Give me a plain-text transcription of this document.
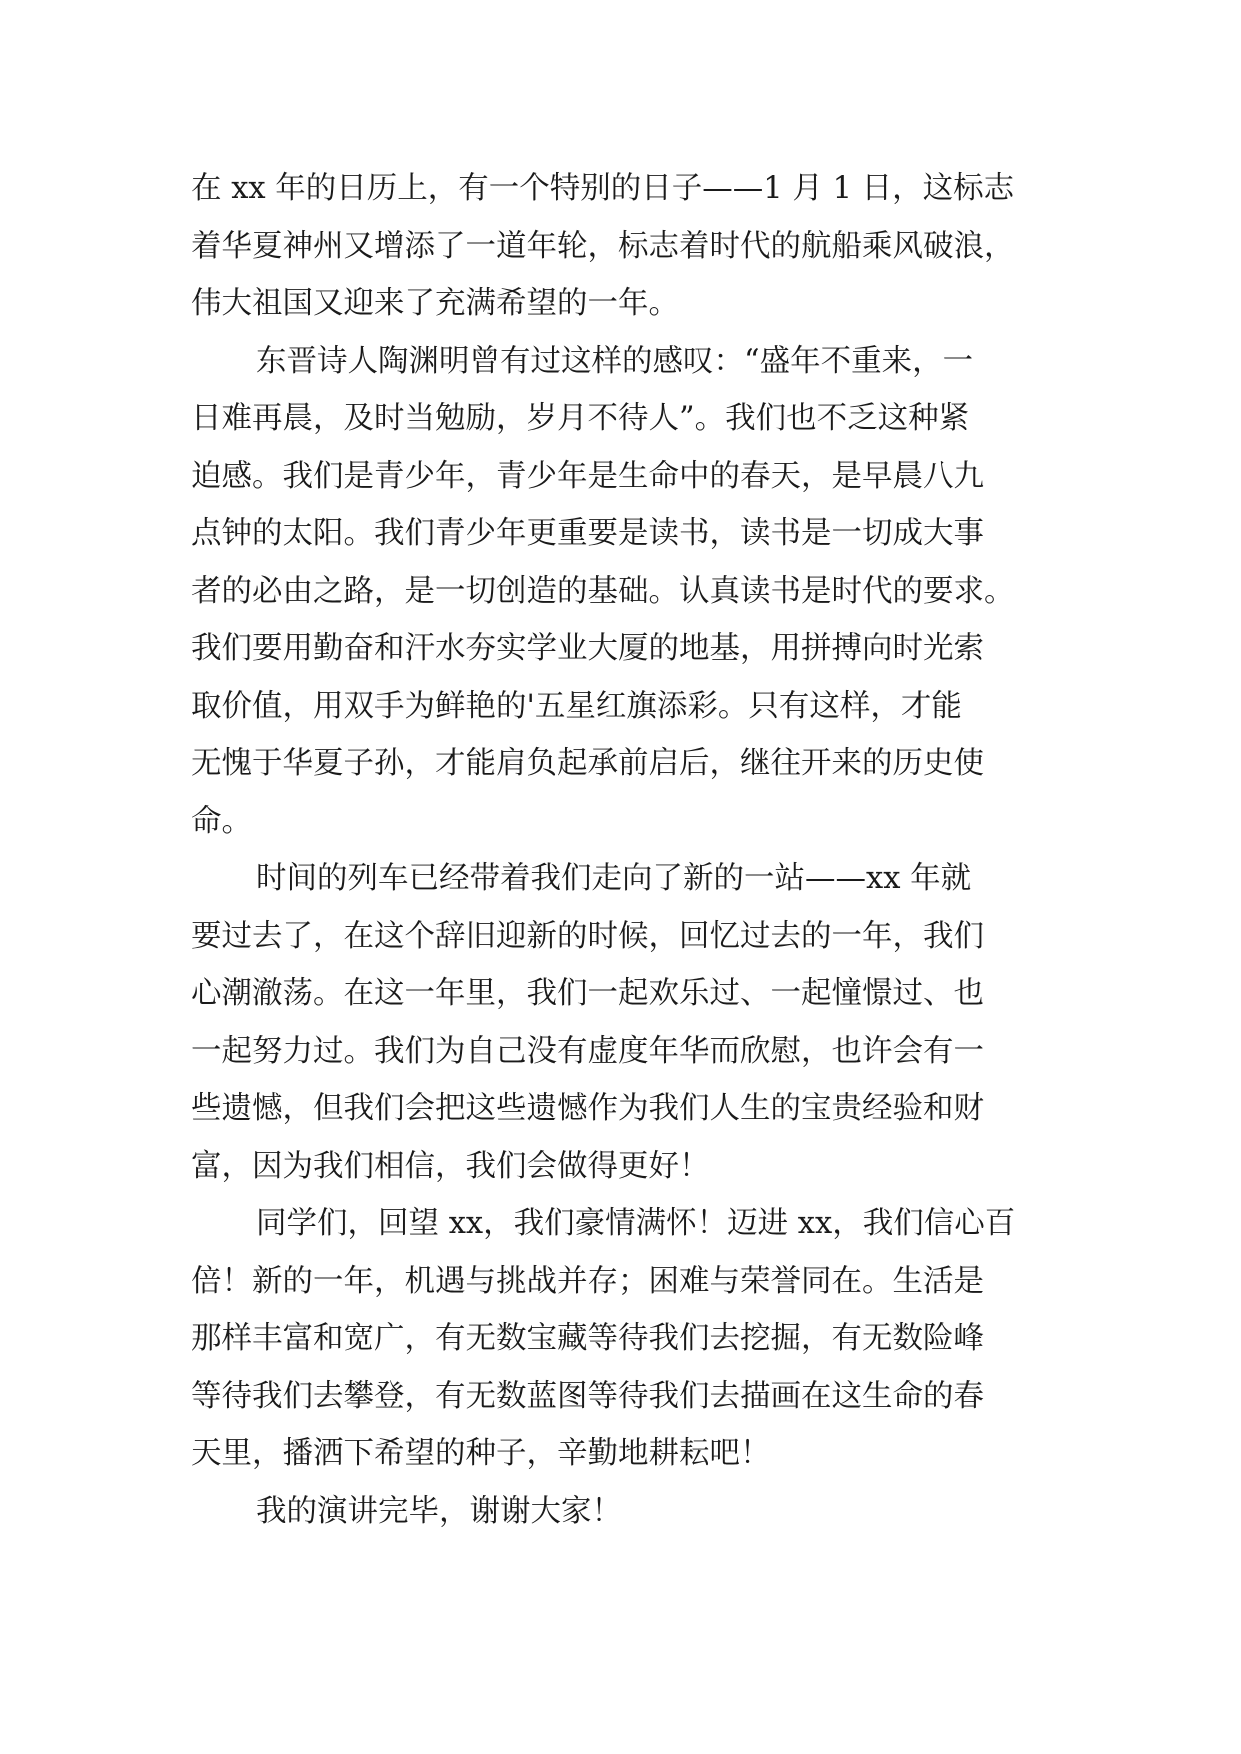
在 xx 年的日历上，有一个特别的日子——1 月 1 日，这标志
着华夏神州又增添了一道年轮，标志着时代的航船乘风破浪，
伟大祖国又迎来了充满希望的一年。
东晋诗人陶渊明曾有过这样的感叹：“盛年不重来，一
日难再晨，及时当勉励，岁月不待人”。我们也不乏这种紧
迫感。我们是青少年，青少年是生命中的春天，是早晨八九
点钟的太阳。我们青少年更重要是读书，读书是一切成大事
者的必由之路，是一切创造的基础。认真读书是时代的要求。
我们要用勤奋和汗水夯实学业大厦的地基，用拼搏向时光索
取价值，用双手为鲜艳的'五星红旗添彩。只有这样，才能
无愧于华夏子孙，才能肩负起承前启后，继往开来的历史使
命。
时间的列车已经带着我们走向了新的一站——xx 年就
要过去了，在这个辞旧迎新的时候，回忆过去的一年，我们
心潮澈荡。在这一年里，我们一起欢乐过、一起憧憬过、也
一起努力过。我们为自己没有虚度年华而欣慰，也许会有一
些遗憾，但我们会把这些遗憾作为我们人生的宝贵经验和财
富，因为我们相信，我们会做得更好！
同学们，回望 xx，我们豪情满怀！迈进 xx，我们信心百
倍！新的一年，机遇与挑战并存；困难与荣誉同在。生活是
那样丰富和宽广，有无数宝藏等待我们去挖掘，有无数险峰
等待我们去攀登，有无数蓝图等待我们去描画在这生命的春
天里，播洒下希望的种子，辛勤地耕耘吧！
我的演讲完毕，谢谢大家！
